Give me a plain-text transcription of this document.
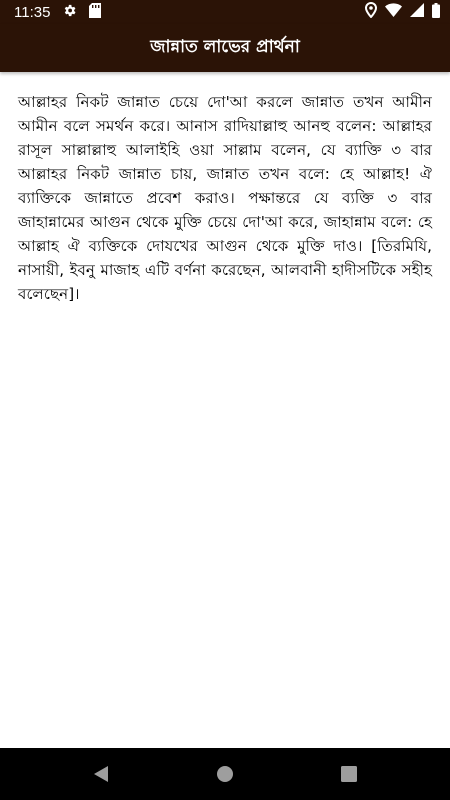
11:35
জান্নাত লাভের প্রার্থনা
আল্লাহর নিকট জান্নাত চেয়ে দো'আ করলে জান্নাত তখন আমীন আমীন বলে সমর্থন করে। আনাস রাদিয়াল্লাহু আনহু বলেন: আল্লাহর রাসূল সাল্লাল্লাহু আলাইহি ওয়া সাল্লাম বলেন, যে ব্যাক্তি ৩ বার আল্লাহর নিকট জান্নাত চায়, জান্নাত তখন বলে: হে আল্লাহ! ঐ ব্যাক্তিকে জান্নাতে প্রবেশ করাও। পক্ষান্তরে যে ব্যক্তি ৩ বার জাহান্নামের আগুন থেকে মুক্তি চেয়ে দো'আ করে, জাহান্নাম বলে: হে আল্লাহ ঐ ব্যক্তিকে দোযখের আগুন থেকে মুক্তি দাও। [তিরমিযি, নাসায়ী, ইবনু মাজাহ এটি বর্ণনা করেছেন, আলবানী হাদীসটিকে সহীহ বলেছেন]।
